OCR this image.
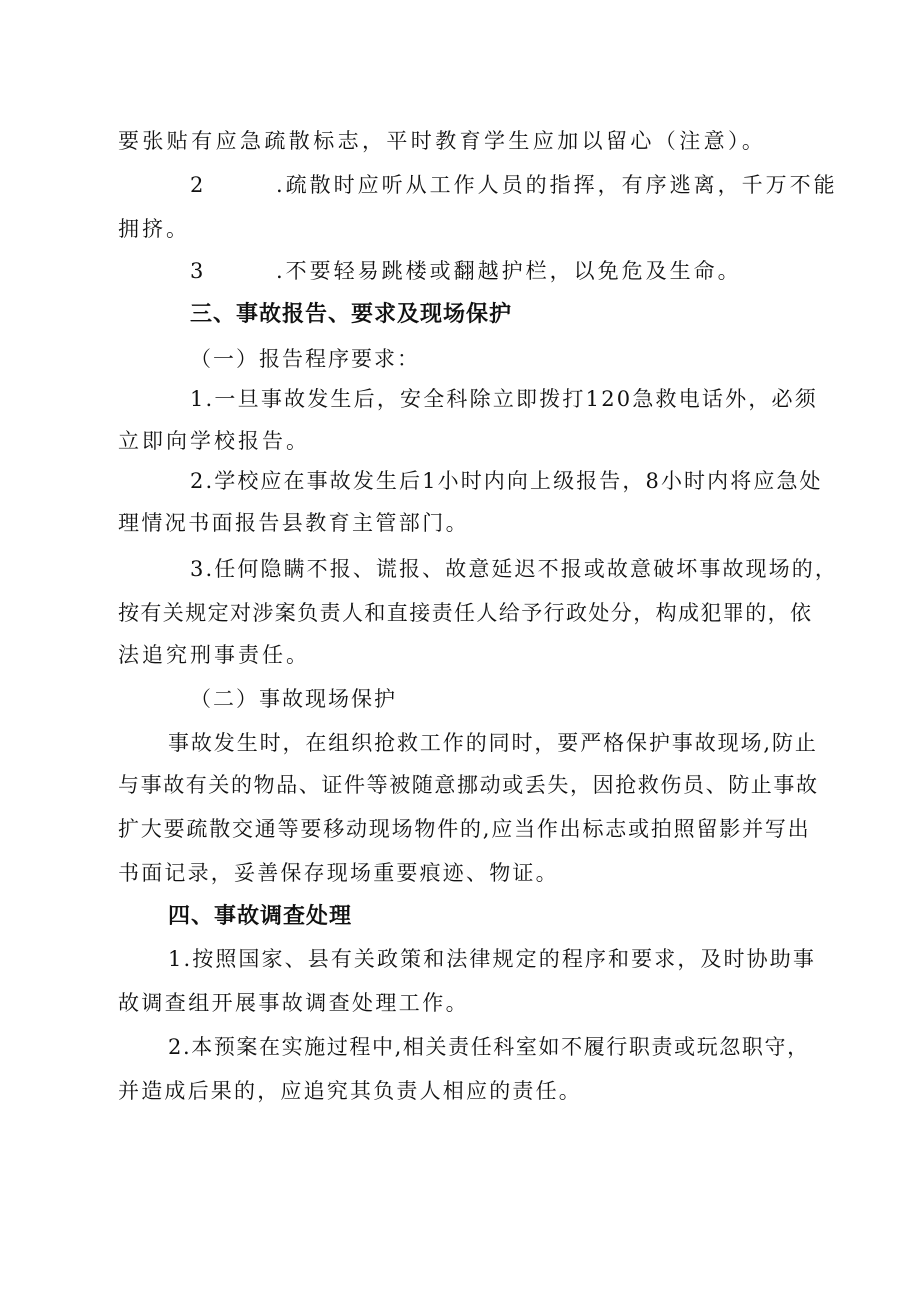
要张贴有应急疏散标志，平时教育学生应加以留心（注意）。

2	.疏散时应听从工作人员的指挥，有序逃离，千万不能

拥挤。

3	.不要轻易跳楼或翻越护栏，以免危及生命。

三、事故报告、要求及现场保护

（一）报告程序要求：

1.一旦事故发生后，安全科除立即拨打120急救电话外，必须

立即向学校报告。

2.学校应在事故发生后1小时内向上级报告，8小时内将应急处

理情况书面报告县教育主管部门。

3.任何隐瞒不报、谎报、故意延迟不报或故意破坏事故现场的，

按有关规定对涉案负责人和直接责任人给予行政处分，构成犯罪的，依

法追究刑事责任。

（二）事故现场保护

事故发生时，在组织抢救工作的同时，要严格保护事故现场,防止

与事故有关的物品、证件等被随意挪动或丢失，因抢救伤员、防止事故

扩大要疏散交通等要移动现场物件的,应当作出标志或拍照留影并写出

书面记录，妥善保存现场重要痕迹、物证。

四、事故调查处理

1.按照国家、县有关政策和法律规定的程序和要求，及时协助事

故调查组开展事故调查处理工作。

2.本预案在实施过程中,相关责任科室如不履行职责或玩忽职守，

并造成后果的，应追究其负责人相应的责任。
